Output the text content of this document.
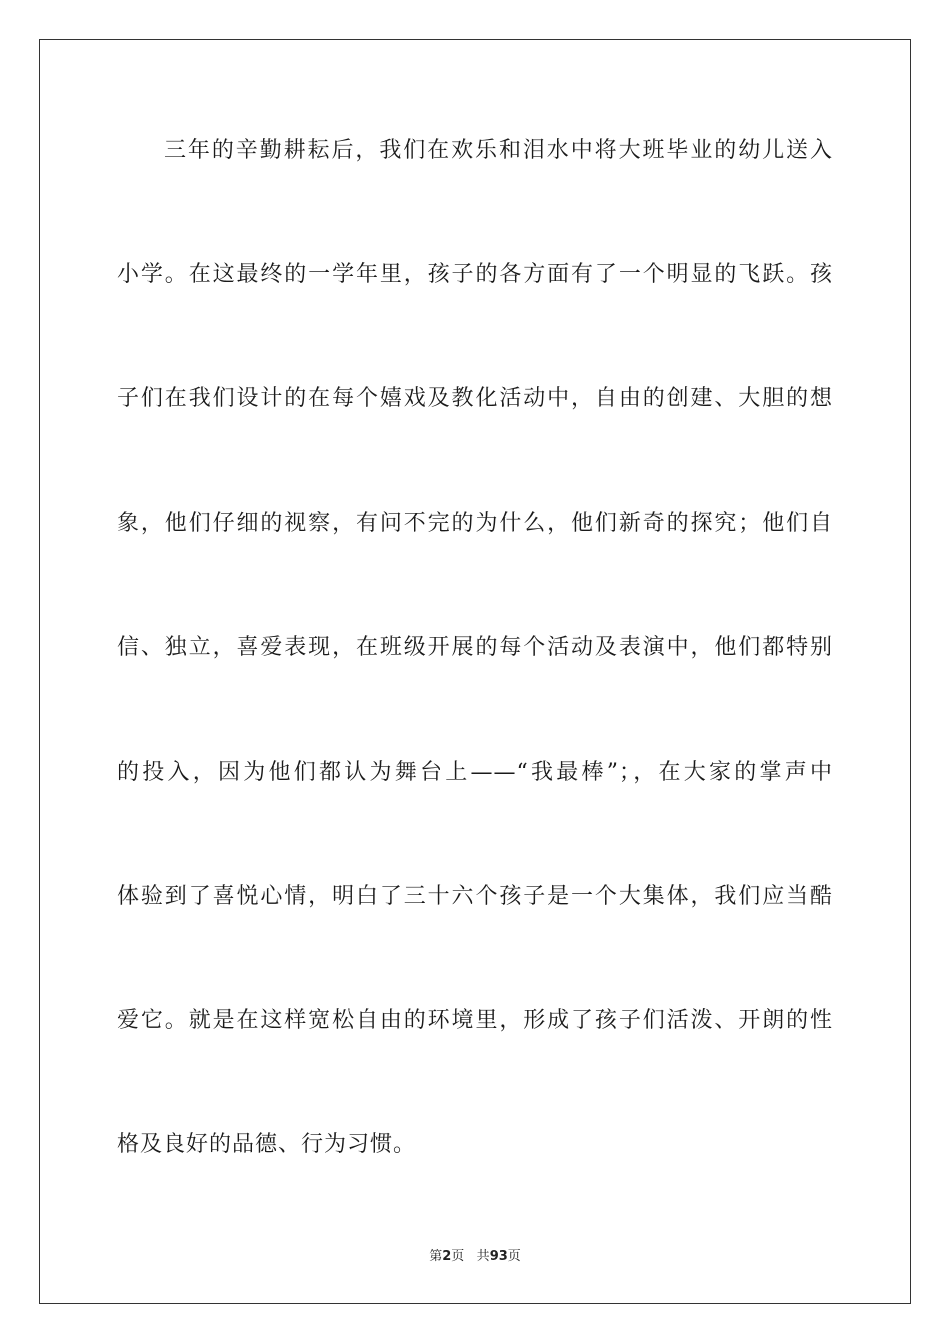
三年的辛勤耕耘后，我们在欢乐和泪水中将大班毕业的幼儿送入
小学。在这最终的一学年里，孩子的各方面有了一个明显的飞跃。孩
子们在我们设计的在每个嬉戏及教化活动中，自由的创建、大胆的想
象，他们仔细的视察，有问不完的为什么，他们新奇的探究；他们自
信、独立，喜爱表现，在班级开展的每个活动及表演中，他们都特别
的投入，因为他们都认为舞台上——“我最棒”；，在大家的掌声中
体验到了喜悦心情，明白了三十六个孩子是一个大集体，我们应当酷
爱它。就是在这样宽松自由的环境里，形成了孩子们活泼、开朗的性
格及良好的品德、行为习惯。
第2页 共93页
